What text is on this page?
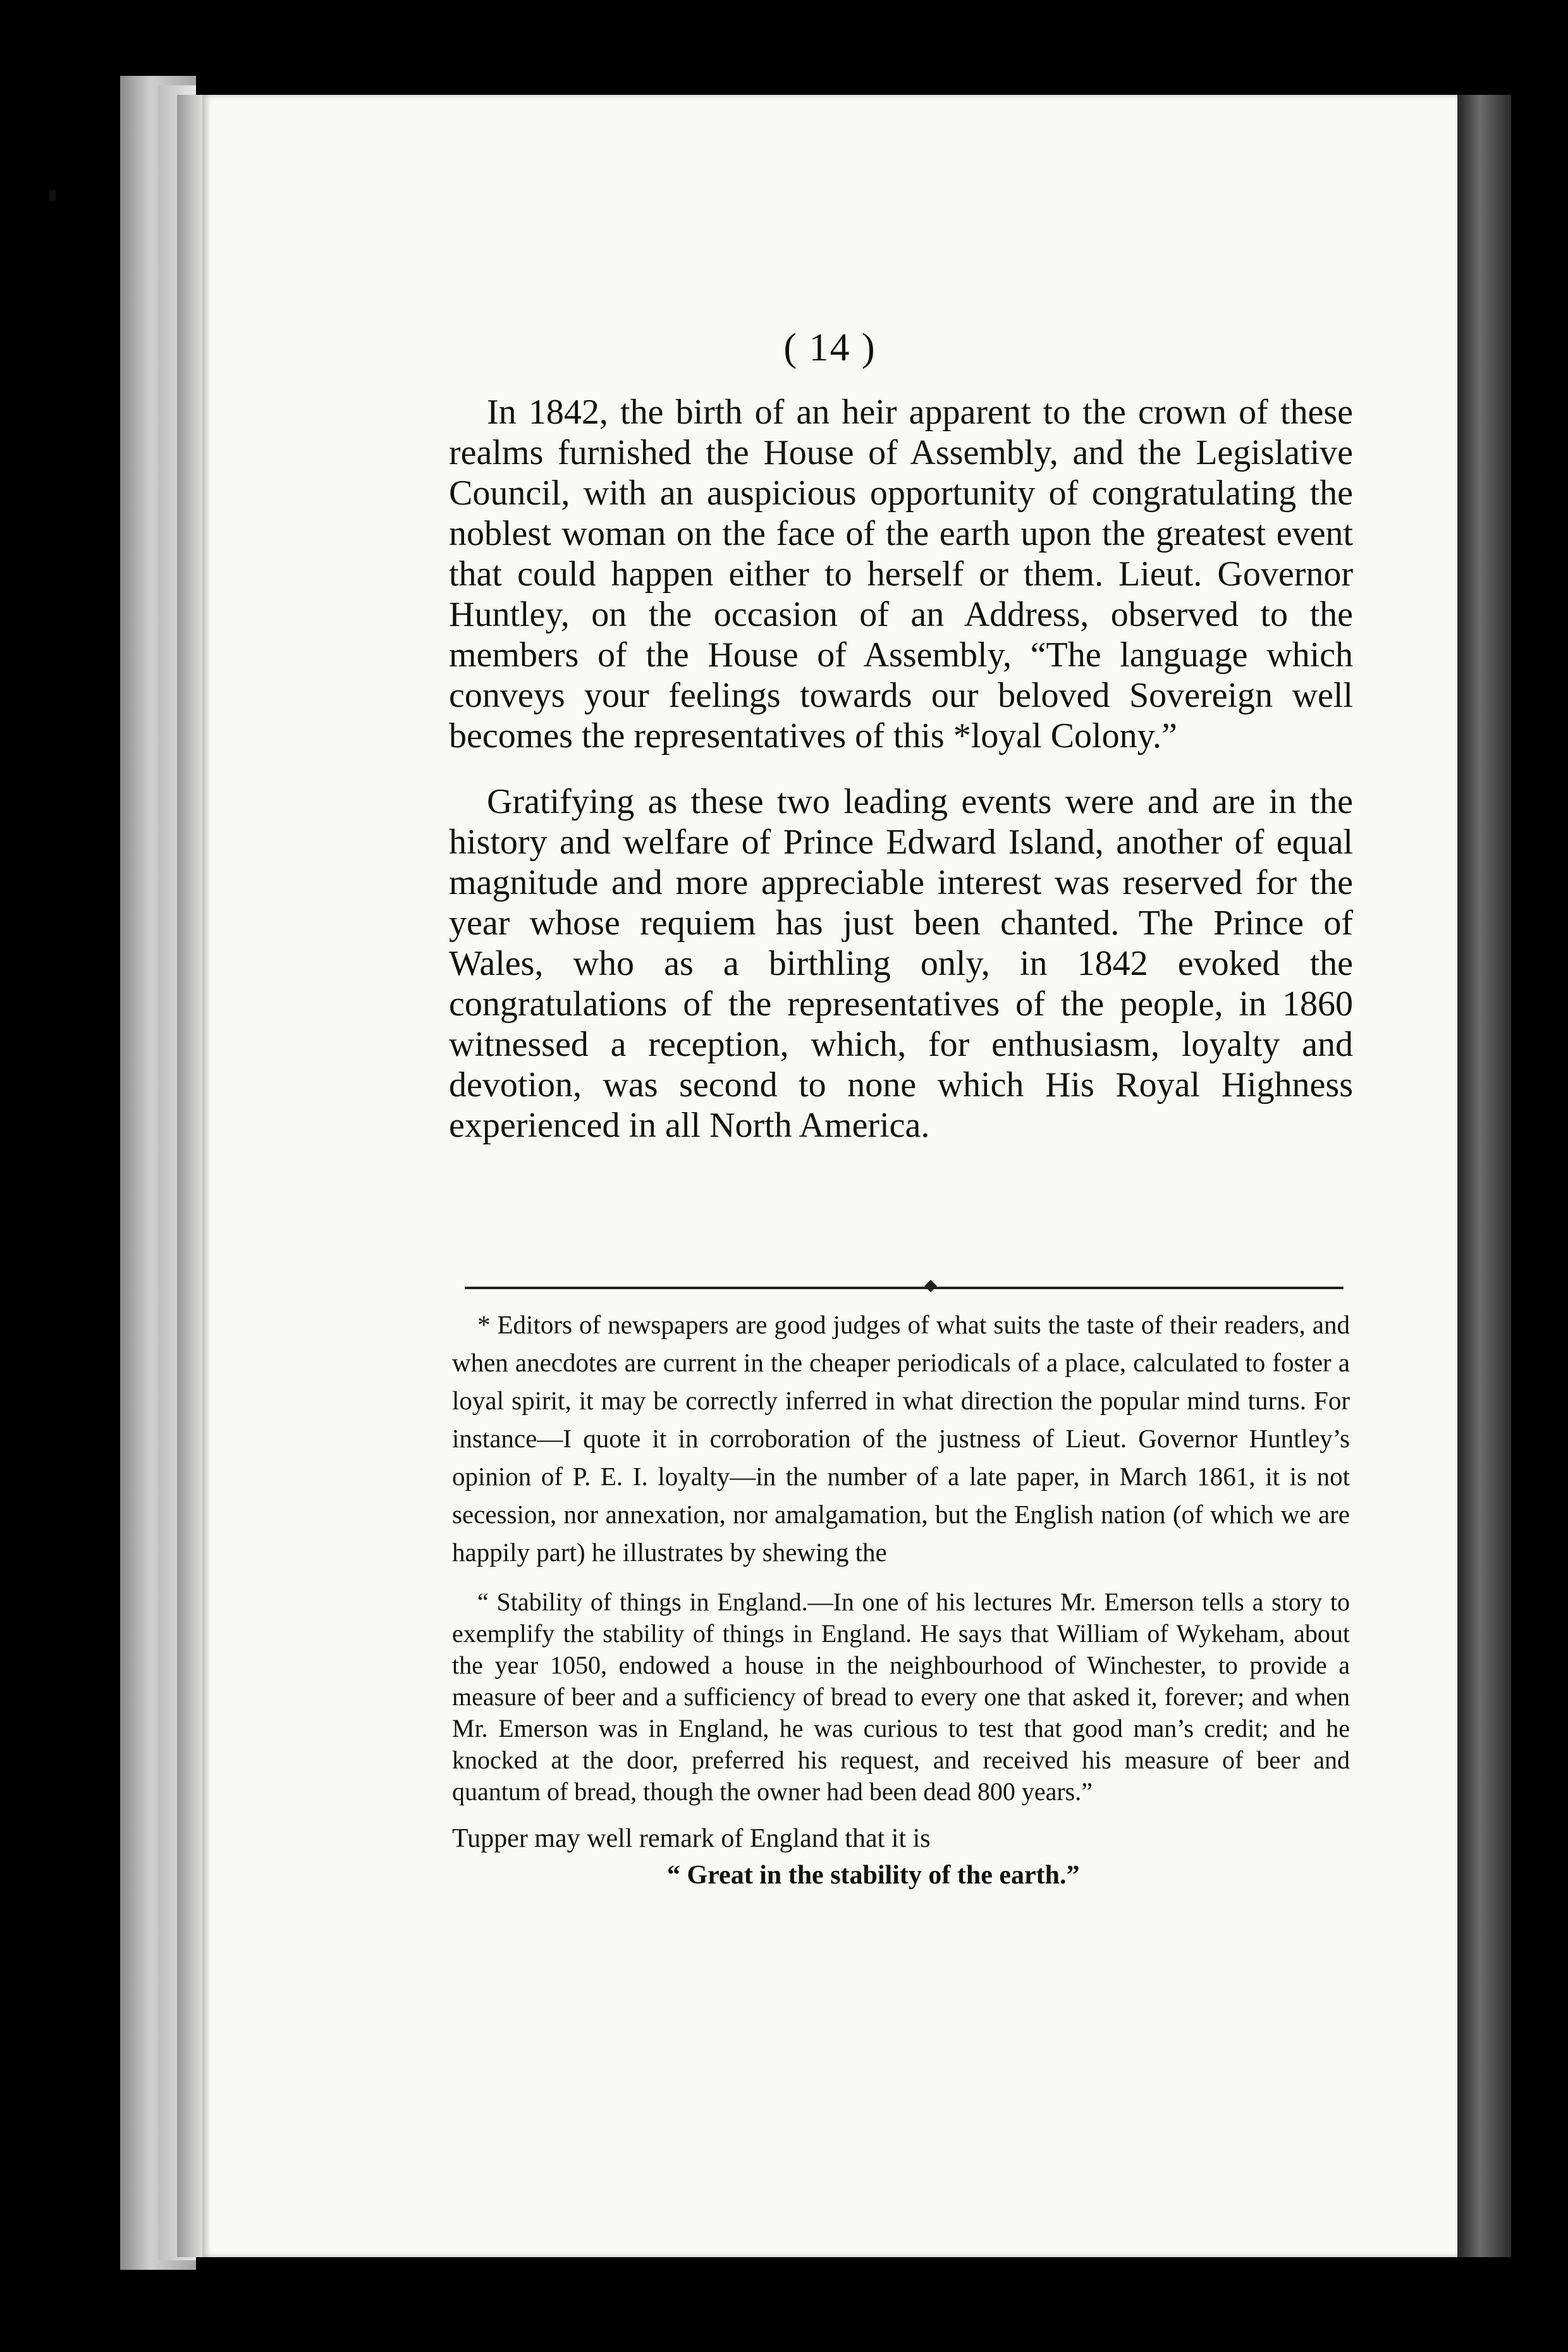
( 14 )

In 1842, the birth of an heir apparent to the crown of these realms furnished the House of Assembly, and the Legislative Council, with an auspicious opportunity of congratulating the noblest woman on the face of the earth upon the greatest event that could happen either to herself or them. Lieut. Governor Huntley, on the occasion of an Address, observed to the members of the House of Assembly, “The language which conveys your feelings towards our beloved Sovereign well becomes the representatives of this *loyal Colony.”

Gratifying as these two leading events were and are in the history and welfare of Prince Edward Island, another of equal magnitude and more appreciable interest was reserved for the year whose requiem has just been chanted. The Prince of Wales, who as a birthling only, in 1842 evoked the congratulations of the representatives of the people, in 1860 witnessed a reception, which, for enthusiasm, loyalty and devotion, was second to none which His Royal Highness experienced in all North America.

* Editors of newspapers are good judges of what suits the taste of their readers, and when anecdotes are current in the cheaper periodicals of a place, calculated to foster a loyal spirit, it may be correctly inferred in what direction the popular mind turns. For instance—I quote it in corroboration of the justness of Lieut. Governor Huntley’s opinion of P. E. I. loyalty—in the number of a late paper, in March 1861, it is not secession, nor annexation, nor amalgamation, but the English nation (of which we are happily part) he illustrates by shewing the

“ Stability of things in England.—In one of his lectures Mr. Emerson tells a story to exemplify the stability of things in England. He says that William of Wykeham, about the year 1050, endowed a house in the neighbourhood of Winchester, to provide a measure of beer and a sufficiency of bread to every one that asked it, forever; and when Mr. Emerson was in England, he was curious to test that good man’s credit; and he knocked at the door, preferred his request, and received his measure of beer and quantum of bread, though the owner had been dead 800 years.”

Tupper may well remark of England that it is
“ Great in the stability of the earth.”
